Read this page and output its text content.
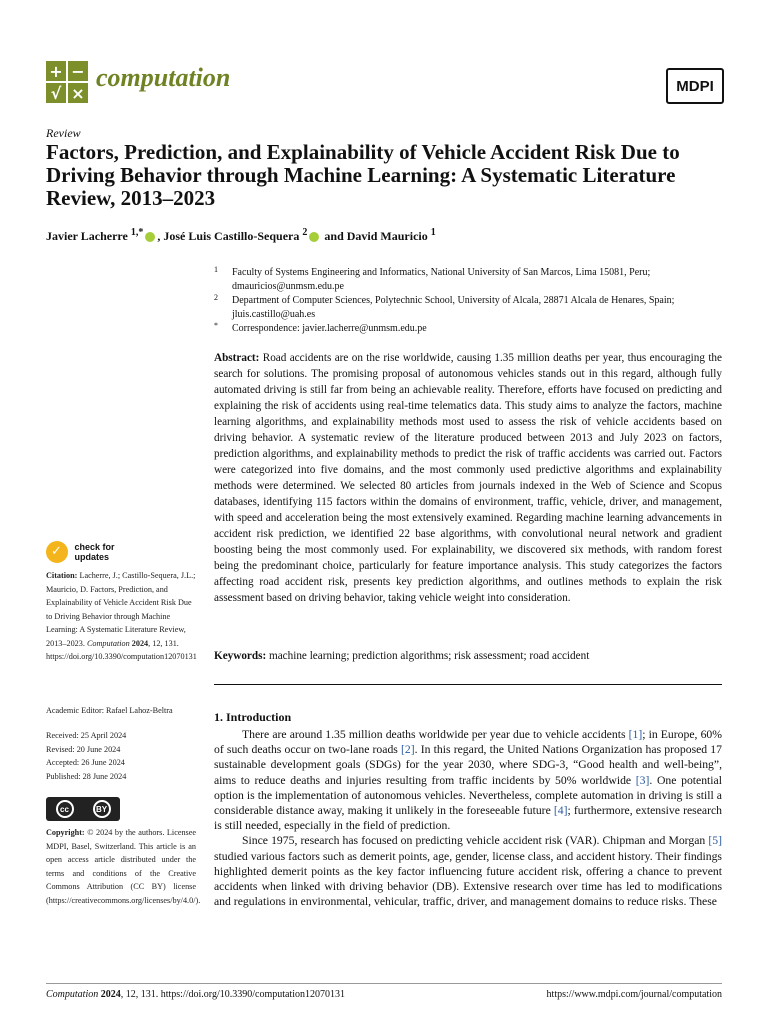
+ −
√ ×
computation	MDPI
Review
Factors, Prediction, and Explainability of Vehicle Accident Risk Due to Driving Behavior through Machine Learning: A Systematic Literature Review, 2013–2023
Javier Lacherre $^{1,*}$ , José Luis Castillo-Sequera $^2$ and David Mauricio $^1$
1 Faculty of Systems Engineering and Informatics, National University of San Marcos, Lima 15081, Peru; dmauricios@unmsm.edu.pe
2 Department of Computer Sciences, Polytechnic School, University of Alcala, 28871 Alcala de Henares, Spain; jluis.castillo@uah.es
* Correspondence: javier.lacherre@unmsm.edu.pe
Abstract: Road accidents are on the rise worldwide, causing 1.35 million deaths per year, thus encouraging the search for solutions. The promising proposal of autonomous vehicles stands out in this regard, although fully automated driving is still far from being an achievable reality. Therefore, efforts have focused on predicting and explaining the risk of accidents using real-time telematics data. This study aims to analyze the factors, machine learning algorithms, and explainability methods most used to assess the risk of vehicle accidents based on driving behavior. A systematic review of the literature produced between 2013 and July 2023 on factors, prediction algorithms, and explainability methods to predict the risk of traffic accidents was carried out. Factors were categorized into five domains, and the most commonly used predictive algorithms and explainability methods were determined. We selected 80 articles from journals indexed in the Web of Science and Scopus databases, identifying 115 factors within the domains of environment, traffic, vehicle, driver, and management, with speed and acceleration being the most extensively examined. Regarding machine learning advancements in accident risk prediction, we identified 22 base algorithms, with convolutional neural network and gradient boosting being the most commonly used. For explainability, we discovered six methods, with random forest being the predominant choice, particularly for feature importance analysis. This study categorizes the factors affecting road accident risk, presents key prediction algorithms, and outlines methods to explain the risk assessment based on driving behavior, taking vehicle weight into consideration.
Keywords: machine learning; prediction algorithms; risk assessment; road accident
1. Introduction

There are around 1.35 million deaths worldwide per year due to vehicle accidents [1]; in Europe, 60% of such deaths occur on two-lane roads [2]. In this regard, the United Nations Organization has proposed 17 sustainable development goals (SDGs) for the year 2030, where SDG-3, “Good health and well-being”, aims to reduce deaths and injuries resulting from traffic incidents by 50% worldwide [3]. One potential option is the implementation of autonomous vehicles. Nevertheless, complete automation in driving is still a considerable distance away, making it unlikely in the foreseeable future [4]; furthermore, extensive research is still needed, especially in the field of prediction.

Since 1975, research has focused on predicting vehicle accident risk (VAR). Chipman and Morgan [5] studied various factors such as demerit points, age, gender, license class, and accident history. Their findings highlighted demerit points as the key factor influencing future accident risk, offering a chance to prevent accidents when linked with driving behavior (DB). Extensive research over time has led to modifications and regulations in environmental, vehicular, traffic, driver, and management domains to reduce risks. These

✓ check for
updates
Citation: Lacherre, J.; Castillo-Sequera, J.L.; Mauricio, D. Factors, Prediction, and Explainability of Vehicle Accident Risk Due to Driving Behavior through Machine Learning: A Systematic Literature Review, 2013–2023. Computation 2024, 12, 131. https://doi.org/10.3390/computation12070131
Academic Editor: Rafael Lahoz-Beltra
Received: 25 April 2024
Revised: 20 June 2024
Accepted: 26 June 2024
Published: 28 June 2024
cc	BY
Copyright: © 2024 by the authors. Licensee MDPI, Basel, Switzerland. This article is an open access article distributed under the terms and conditions of the Creative Commons Attribution (CC BY) license (https://creativecommons.org/licenses/by/4.0/).
Computation 2024, 12, 131. https://doi.org/10.3390/computation12070131	https://www.mdpi.com/journal/computation
